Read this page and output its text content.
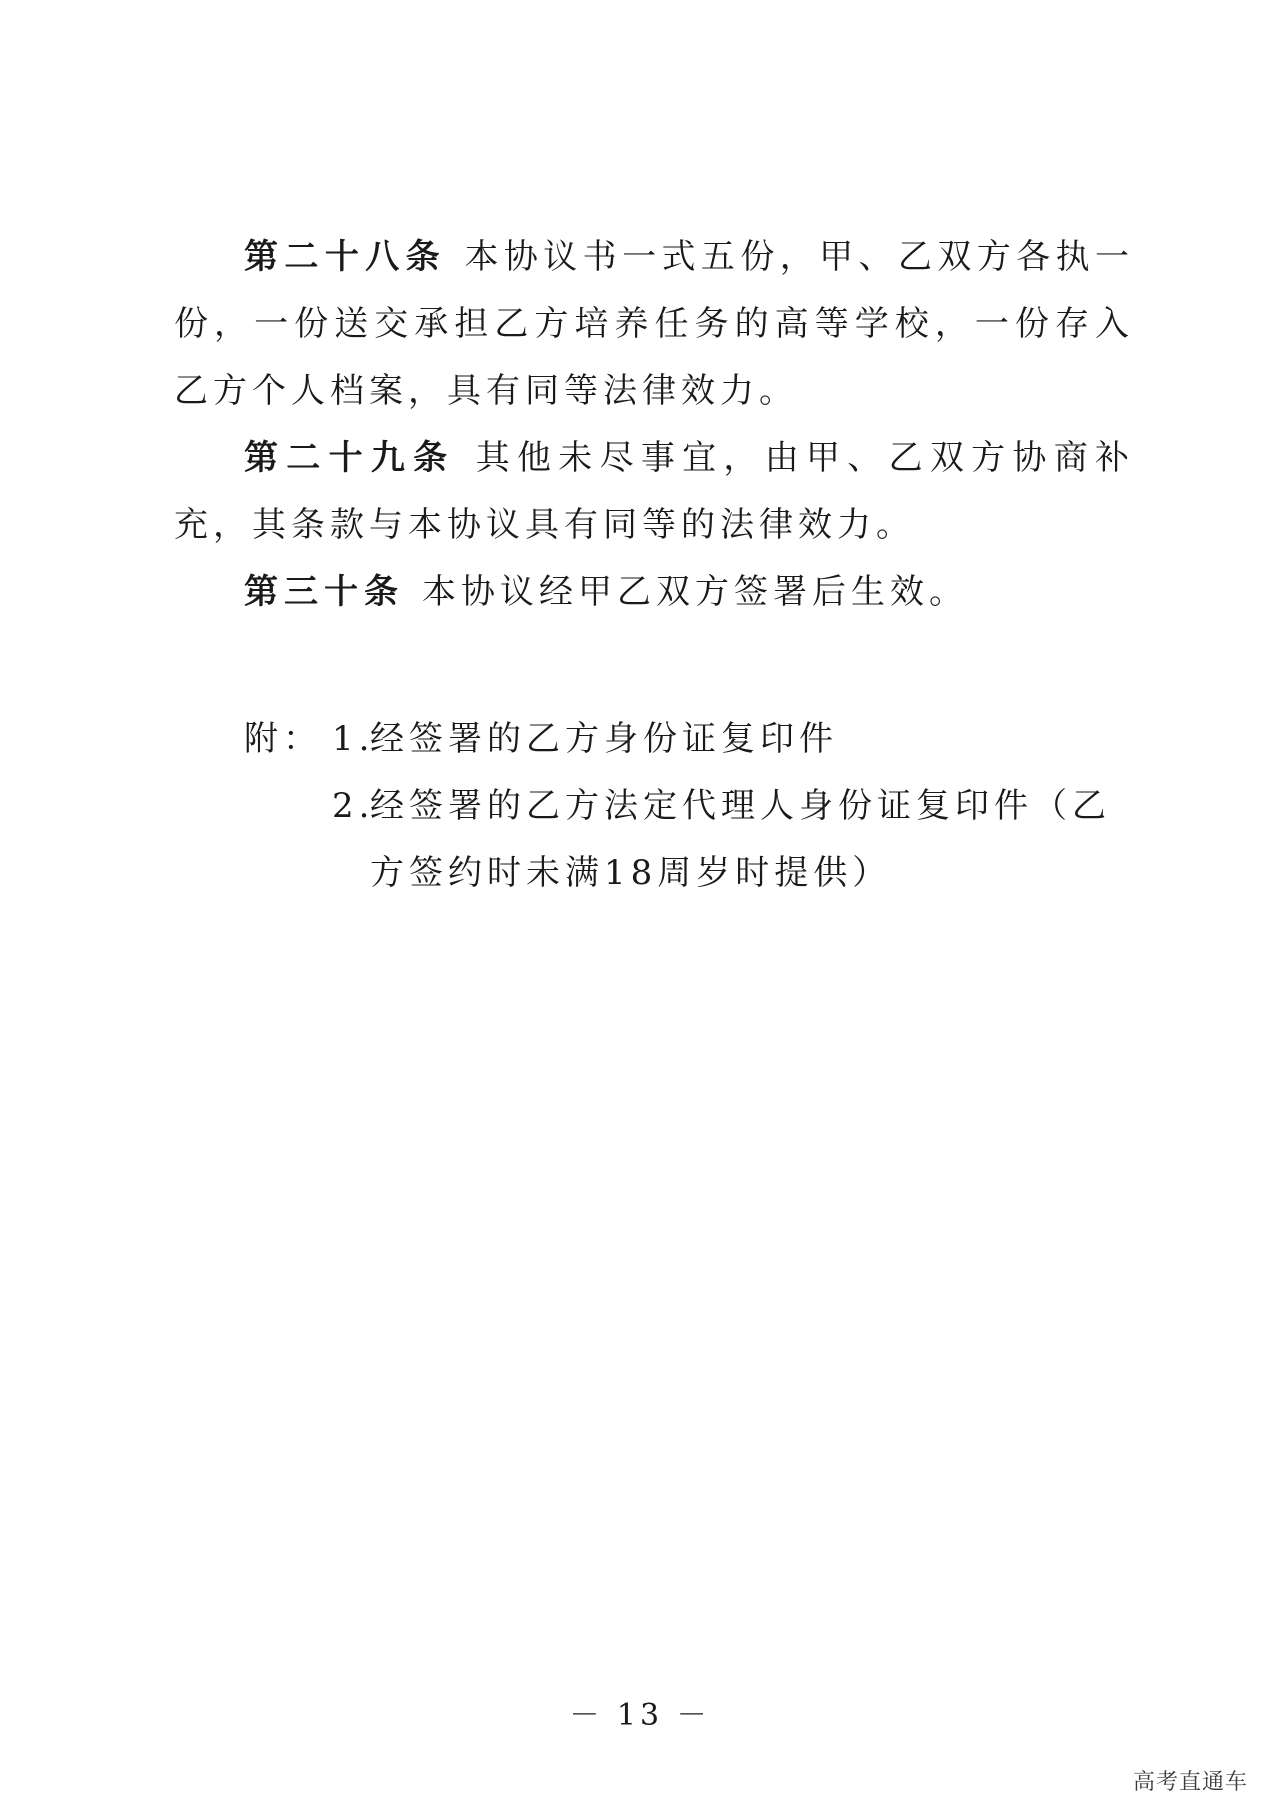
第二十八条 本协议书一式五份，甲、乙双方各执一份，一份送交承担乙方培养任务的高等学校，一份存入乙方个人档案，具有同等法律效力。

第二十九条 其他未尽事宜，由甲、乙双方协商补充，其条款与本协议具有同等的法律效力。

第三十条 本协议经甲乙双方签署后生效。

附： 1.
经签署的乙方身份证复印件
2.
经签署的乙方法定代理人身份证复印件（乙方签约时未满18周岁时提供）
－ 13 －
高考直通车
